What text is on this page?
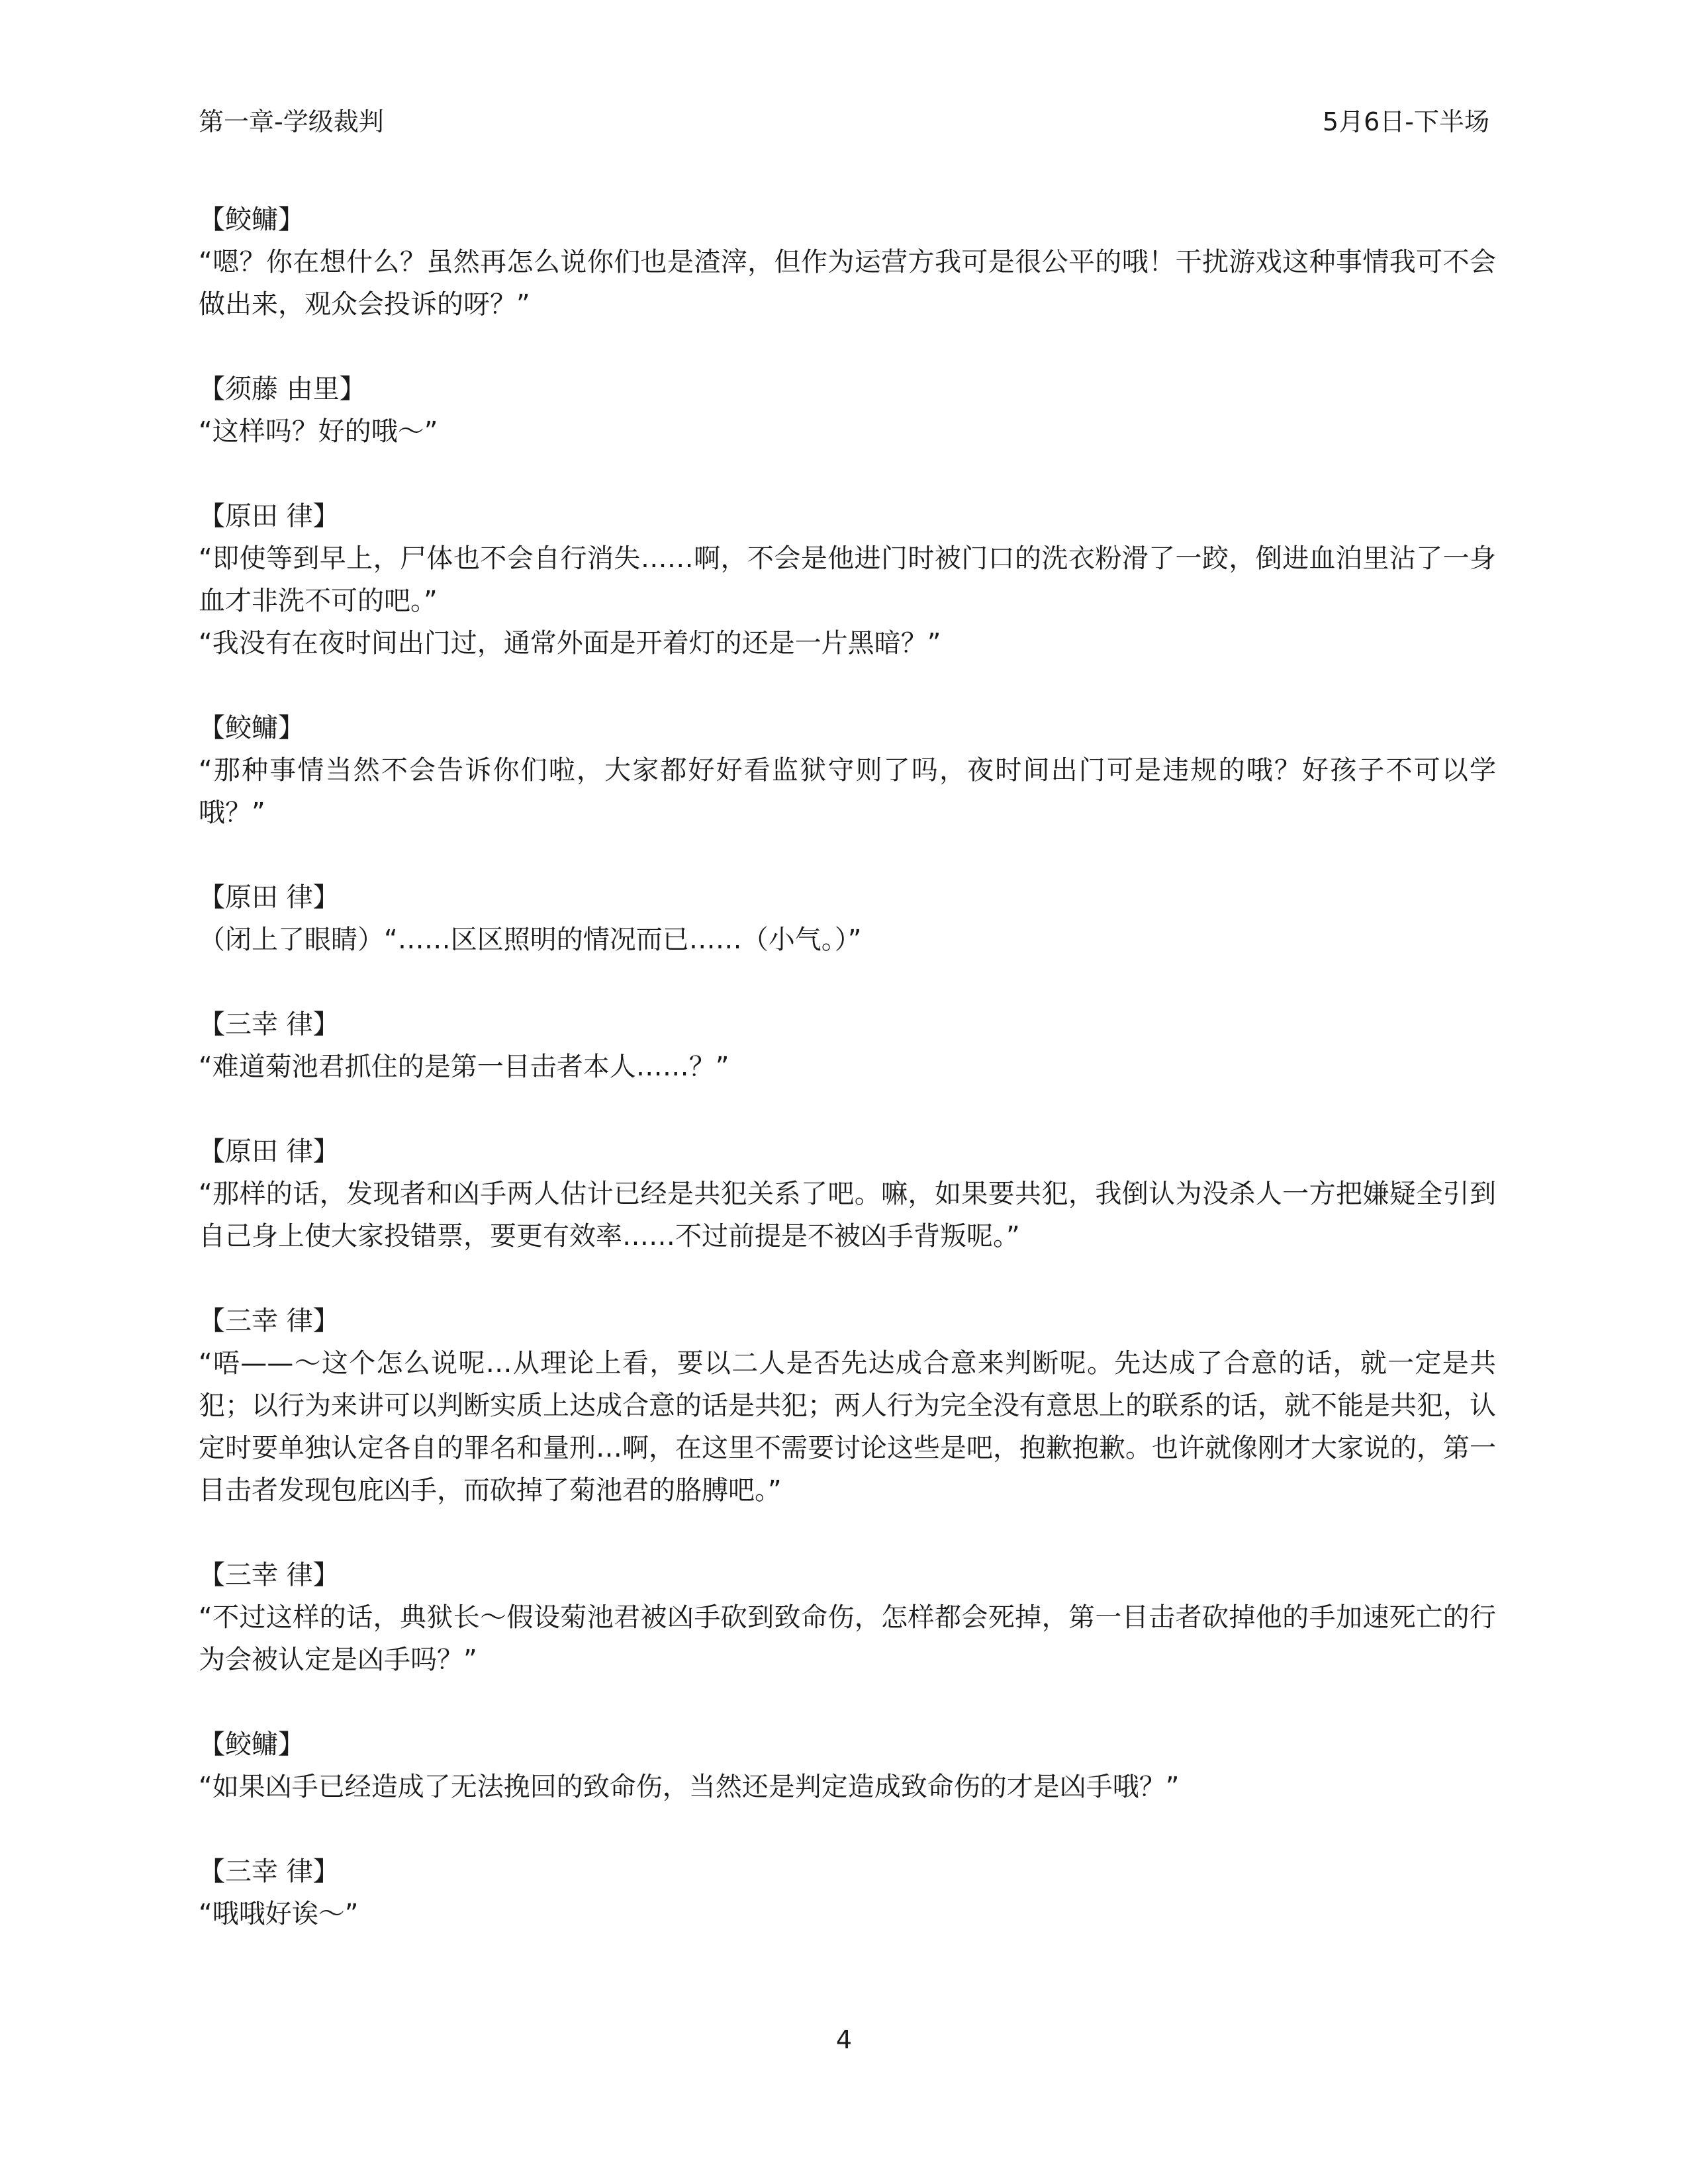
第一章-学级裁判	5月6日-下半场
【鲛鳙】
“嗯？你在想什么？虽然再怎么说你们也是渣滓，但作为运营方我可是很公平的哦！干扰游戏这种事情我可不会做出来，观众会投诉的呀？”
【须藤 由里】
“这样吗？好的哦～”
【原田 律】
“即使等到早上，尸体也不会自行消失……啊，不会是他进门时被门口的洗衣粉滑了一跤，倒进血泊里沾了一身血才非洗不可的吧。”
“我没有在夜时间出门过，通常外面是开着灯的还是一片黑暗？”
【鲛鳙】
“那种事情当然不会告诉你们啦，大家都好好看监狱守则了吗，夜时间出门可是违规的哦？好孩子不可以学哦？”
【原田 律】
（闭上了眼睛）“……区区照明的情况而已……（小气。）”
【三幸 律】
“难道菊池君抓住的是第一目击者本人……？”
【原田 律】
“那样的话，发现者和凶手两人估计已经是共犯关系了吧。嘛，如果要共犯，我倒认为没杀人一方把嫌疑全引到自己身上使大家投错票，要更有效率……不过前提是不被凶手背叛呢。”
【三幸 律】
“唔——～这个怎么说呢…从理论上看，要以二人是否先达成合意来判断呢。先达成了合意的话，就一定是共犯；以行为来讲可以判断实质上达成合意的话是共犯；两人行为完全没有意思上的联系的话，就不能是共犯，认定时要单独认定各自的罪名和量刑…啊，在这里不需要讨论这些是吧，抱歉抱歉。也许就像刚才大家说的，第一目击者发现包庇凶手，而砍掉了菊池君的胳膊吧。”
【三幸 律】
“不过这样的话，典狱长～假设菊池君被凶手砍到致命伤，怎样都会死掉，第一目击者砍掉他的手加速死亡的行为会被认定是凶手吗？”
【鲛鳙】
“如果凶手已经造成了无法挽回的致命伤，当然还是判定造成致命伤的才是凶手哦？”
【三幸 律】
“哦哦好诶～”
4
